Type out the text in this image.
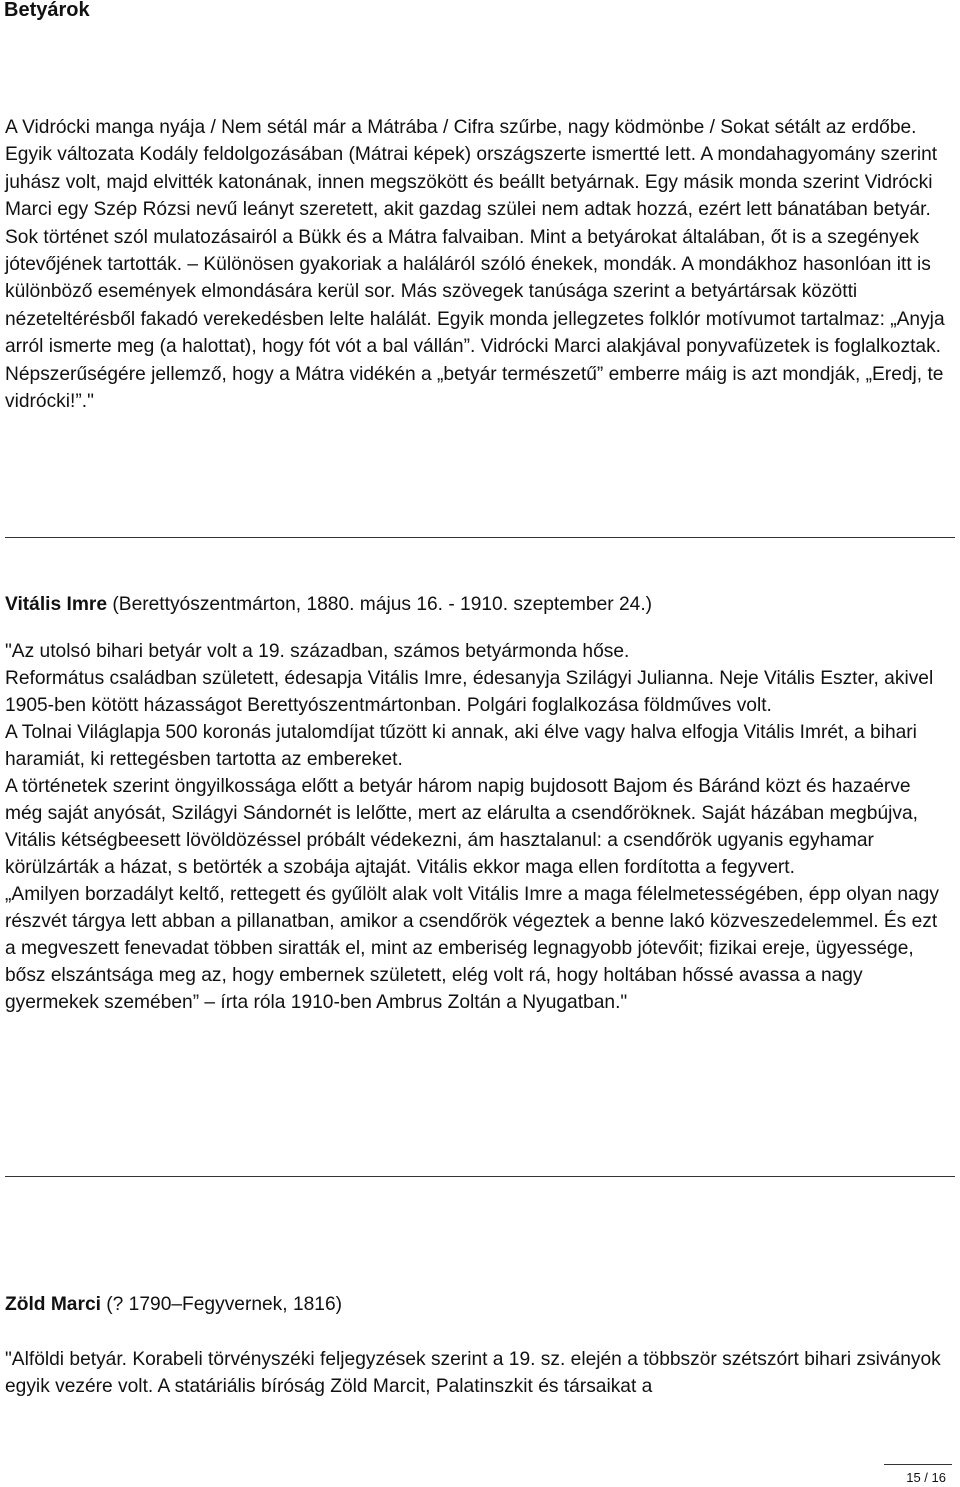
Betyárok

A Vidrócki manga nyája / Nem sétál már a Mátrába / Cifra szűrbe, nagy ködmönbe / Sokat sétált az erdőbe.

Egyik változata Kodály feldolgozásában (Mátrai képek) országszerte ismertté lett. A mondahagyomány szerint juhász volt, majd elvitték katonának, innen megszökött és beállt betyárnak. Egy másik monda szerint Vidrócki Marci egy Szép Rózsi nevű leányt szeretett, akit gazdag szülei nem adtak hozzá, ezért lett bánatában betyár. Sok történet szól mulatozásairól a Bükk és a Mátra falvaiban. Mint a betyárokat általában, őt is a szegények jótevőjének tartották. – Különösen gyakoriak a haláláról szóló énekek, mondák. A mondákhoz hasonlóan itt is különböző események elmondására kerül sor. Más szövegek tanúsága szerint a betyártársak közötti nézeteltérésből fakadó verekedésben lelte halálát. Egyik monda jellegzetes folklór motívumot tartalmaz: „Anyja arról ismerte meg (a halottat), hogy fót vót a bal vállán”. Vidrócki Marci alakjával ponyvafüzetek is foglalkoztak. Népszerűségére jellemző, hogy a Mátra vidékén a „betyár természetű” emberre máig is azt mondják, „Eredj, te vidrócki!”."

Vitális Imre (Berettyószentmárton, 1880. május 16. - 1910. szeptember 24.)

"Az utolsó bihari betyár volt a 19. században, számos betyármonda hőse.

Református családban született, édesapja Vitális Imre, édesanyja Szilágyi Julianna. Neje Vitális Eszter, akivel 1905-ben kötött házasságot Berettyószentmártonban. Polgári foglalkozása földműves volt.

A Tolnai Világlapja 500 koronás jutalomdíjat tűzött ki annak, aki élve vagy halva elfogja Vitális Imrét, a bihari haramiát, ki rettegésben tartotta az embereket.

A történetek szerint öngyilkossága előtt a betyár három napig bujdosott Bajom és Báránd közt és hazaérve még saját anyósát, Szilágyi Sándornét is lelőtte, mert az elárulta a csendőröknek. Saját házában megbújva, Vitális kétségbeesett lövöldözéssel próbált védekezni, ám hasztalanul: a csendőrök ugyanis egyhamar körülzárták a házat, s betörték a szobája ajtaját. Vitális ekkor maga ellen fordította a fegyvert.

„Amilyen borzadályt keltő, rettegett és gyűlölt alak volt Vitális Imre a maga félelmetességében, épp olyan nagy részvét tárgya lett abban a pillanatban, amikor a csendőrök végeztek a benne lakó közveszedelemmel. És ezt a megveszett fenevadat többen siratták el, mint az emberiség legnagyobb jótevőit; fizikai ereje, ügyessége, bősz elszántsága meg az, hogy embernek született, elég volt rá, hogy holtában hőssé avassa a nagy gyermekek szemében” – írta róla 1910-ben Ambrus Zoltán a Nyugatban."

Zöld Marci (? 1790–Fegyvernek, 1816)

"Alföldi betyár. Korabeli törvényszéki feljegyzések szerint a 19. sz. elején a többször szétszórt bihari zsiványok egyik vezére volt. A statáriális bíróság Zöld Marcit, Palatinszkit és társaikat a

15 / 16
